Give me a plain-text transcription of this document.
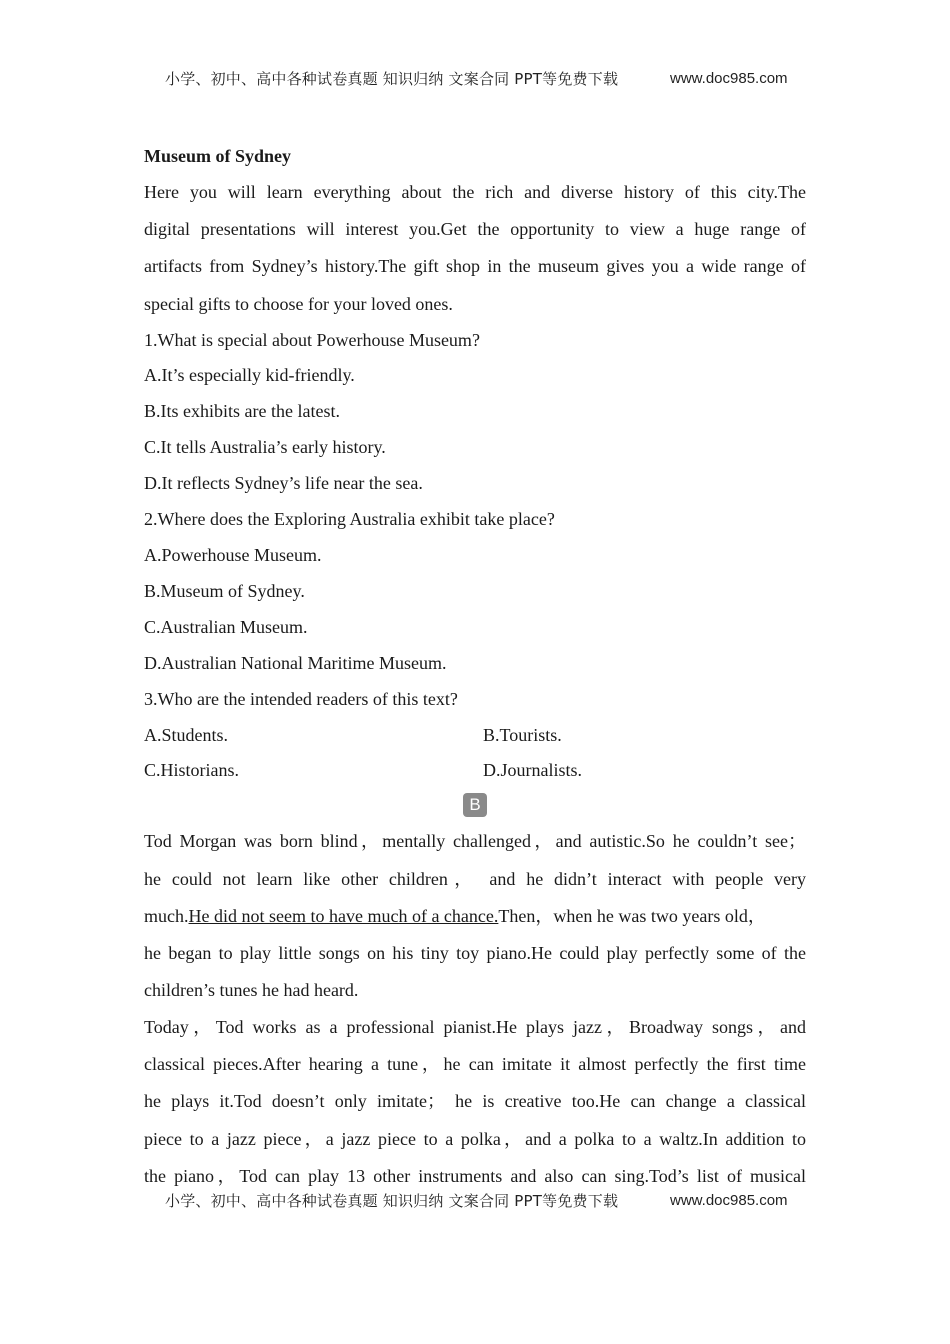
小学、初中、高中各种试卷真题 知识归纳 文案合同 PPT等免费下载	www.doc985.com
Museum of Sydney
Here you will learn everything about the rich and diverse history of this city.The
digital presentations will interest you.Get the opportunity to view a huge range of
artifacts from Sydney’s history.The gift shop in the museum gives you a wide range of
special gifts to choose for your loved ones.
1.What is special about Powerhouse Museum?
A.It’s especially kid-friendly.
B.Its exhibits are the latest.
C.It tells Australia’s early history.
D.It reflects Sydney’s life near the sea.
2.Where does the Exploring Australia exhibit take place?
A.Powerhouse Museum.
B.Museum of Sydney.
C.Australian Museum.
D.Australian National Maritime Museum.
3.Who are the intended readers of this text?
A.Students.	B.Tourists.
C.Historians.	D.Journalists.
B
Tod Morgan was born blind，mentally challenged，and autistic.So he couldn’t see；
he could not learn like other children， and he didn’t interact with people very
much.He did not seem to have much of a chance.Then，when he was two years old，
he began to play little songs on his tiny toy piano.He could play perfectly some of the
children’s tunes he had heard.
Today，Tod works as a professional pianist.He plays jazz，Broadway songs，and
classical pieces.After hearing a tune，he can imitate it almost perfectly the first time
he plays it.Tod doesn’t only imitate； he is creative too.He can change a classical
piece to a jazz piece，a jazz piece to a polka，and a polka to a waltz.In addition to
the piano，Tod can play 13 other instruments and also can sing.Tod’s list of musical
小学、初中、高中各种试卷真题 知识归纳 文案合同 PPT等免费下载	www.doc985.com
